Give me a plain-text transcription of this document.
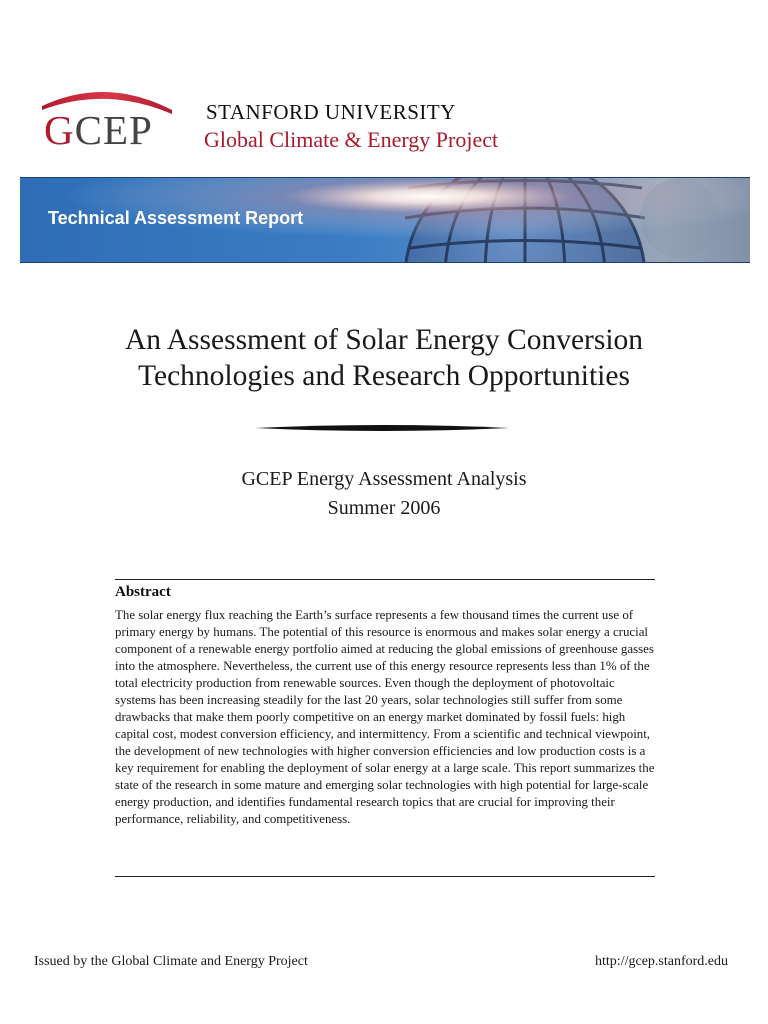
GCEP	STANFORD UNIVERSITY
Global Climate & Energy Project
Technical Assessment Report
An Assessment of Solar Energy Conversion
Technologies and Research Opportunities
GCEP Energy Assessment Analysis
Summer 2006
Abstract
The solar energy flux reaching the Earth’s surface represents a few thousand times the current use of primary energy by humans. The potential of this resource is enormous and makes solar energy a crucial component of a renewable energy portfolio aimed at reducing the global emissions of greenhouse gasses into the atmosphere. Nevertheless, the current use of this energy resource represents less than 1% of the total electricity production from renewable sources. Even though the deployment of photovoltaic systems has been increasing steadily for the last 20 years, solar technologies still suffer from some drawbacks that make them poorly competitive on an energy market dominated by fossil fuels: high capital cost, modest conversion efficiency, and intermittency. From a scientific and technical viewpoint, the development of new technologies with higher conversion efficiencies and low production costs is a key requirement for enabling the deployment of solar energy at a large scale. This report summarizes the state of the research in some mature and emerging solar technologies with high potential for large-scale energy production, and identifies fundamental research topics that are crucial for improving their performance, reliability, and competitiveness.
Issued by the Global Climate and Energy Project	http://gcep.stanford.edu
